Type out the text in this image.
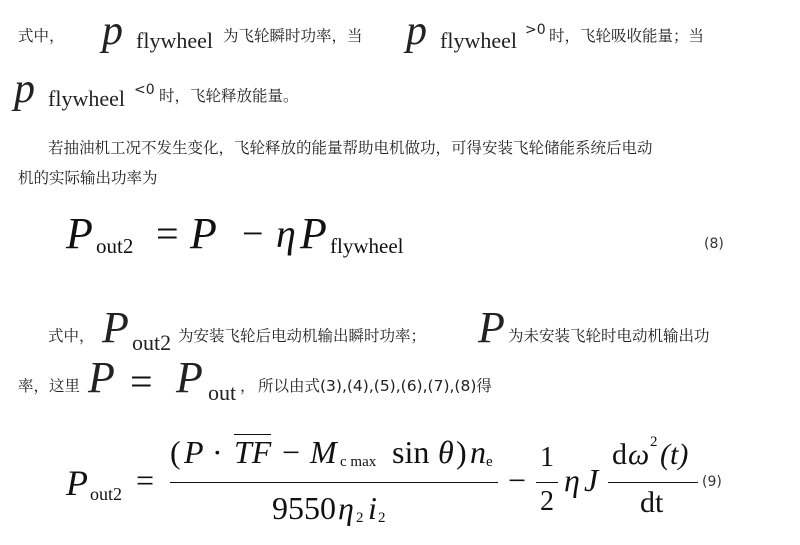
式中， p flywheel 为飞轮瞬时功率，当 p flywheel >0 时，飞轮吸收能量；当
p flywheel <0 时，飞轮释放能量。
若抽油机工况不发生变化，飞轮释放的能量帮助电机做功，可得安装飞轮储能系统后电动
机的实际输出功率为
P out2 = P − η P flywheel	(8)
式中， P out2 为安装飞轮后电动机输出瞬时功率； P 为未安装飞轮时电动机输出功
率，这里 P = P out ， 所以由式(3),(4),(5),(6),(7),(8)得
P out2 =
( P · TF − M c max sin θ ) n e
9550 η 2 i 2
−
1
2
η J
d ω 2 (t)
dt
(9)
